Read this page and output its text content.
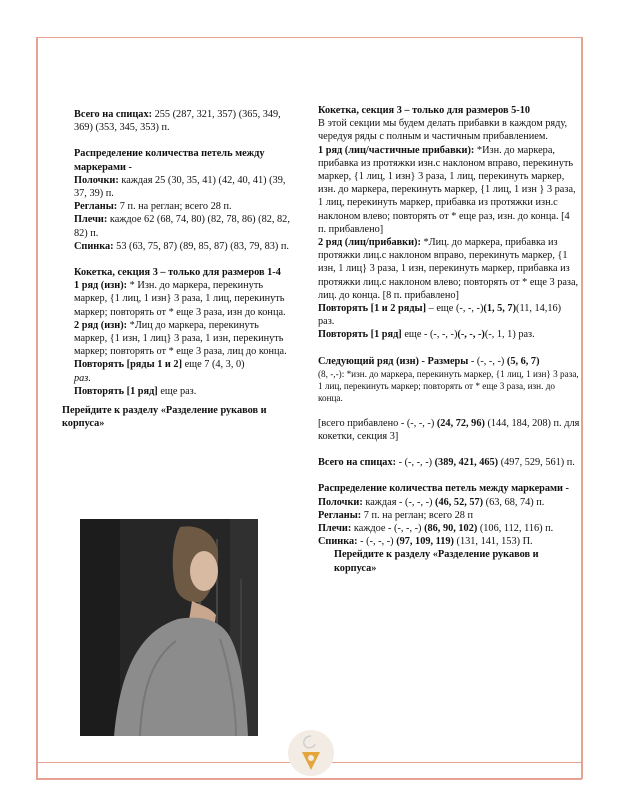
Всего на спицах: 255 (287, 321, 357) (365, 349, 369) (353, 345, 353) п.

Распределение количества петель между маркерами -

Полочки: каждая 25 (30, 35, 41) (42, 40, 41) (39, 37, 39) п.

Регланы: 7 п. на реглан; всего 28 п.

Плечи: каждое 62 (68, 74, 80) (82, 78, 86) (82, 82, 82) п.

Спинка: 53 (63, 75, 87) (89, 85, 87) (83, 79, 83) п.

Кокетка, секция 3 – только для размеров 1-4

1 ряд (изн): * Изн. до маркера, перекинуть маркер, {1 лиц, 1 изн} 3 раза, 1 лиц, перекинуть маркер; повторять от * еще 3 раза, изн до конца.

2 ряд (изн): *Лиц до маркера, перекинуть маркер, {1 изн, 1 лиц} 3 раза, 1 изн, перекинуть маркер; повторять от * еще 3 раза, лиц до конца.

Повторять [ряды 1 и 2] еще 7 (4, 3, 0)
раз.

Повторять [1 ряд] еще раз.

Перейдите к разделу «Разделение рукавов и корпуса»

Кокетка, секция 3 – только для размеров 5-10

В этой секции мы будем делать прибавки в каждом ряду, чередуя ряды с полным и частичным прибавлением.

1 ряд (лиц/частичные прибавки): *Изн. до маркера, прибавка из протяжки изн.с наклоном вправо, перекинуть маркер, {1 лиц, 1 изн} 3 раза, 1 лиц, перекинуть маркер, изн. до маркера, перекинуть маркер, {1 лиц, 1 изн } 3 раза, 1 лиц, перекинуть маркер, прибавка из протяжки изн.с наклоном влево; повторять от * еще раз, изн. до конца. [4 п. прибавлено]

2 ряд (лиц/прибавки): *Лиц. до маркера, прибавка из протяжки лиц.с наклоном вправо, перекинуть маркер, {1 изн, 1 лиц} 3 раза, 1 изн, перекинуть маркер, прибавка из протяжки лиц.с наклоном влево; повторять от * еще 3 раза, лиц. до конца. [8 п. прибавлено]

Повторять [1 и 2 ряды] – еще (-, -, -)(1, 5, 7)(11, 14,16) раз.

Повторять [1 ряд] еще - (-, -, -)(-, -, -)(-, 1, 1) раз.

Следующий ряд (изн) - Размеры - (-, -, -) (5, 6, 7)

(8, -,-): *изн. до маркера, перекинуть маркер, {1 лиц, 1 изн} 3 раза, 1 лиц, перекинуть маркер; повторять от * еще 3 раза, изн. до конца.

[всего прибавлено - (-, -, -) (24, 72, 96) (144, 184, 208) п. для кокетки, секция 3]

Всего на спицах: - (-, -, -) (389, 421, 465) (497, 529, 561) п.

Распределение количества петель между маркерами -

Полочки: каждая - (-, -, -) (46, 52, 57) (63, 68, 74) п.

Регланы: 7 п. на реглан; всего 28 п

Плечи: каждое - (-, -, -) (86, 90, 102) (106, 112, 116) п.

Спинка: - (-, -, -) (97, 109, 119) (131, 141, 153) П.

Перейдите к разделу «Разделение рукавов и корпуса»
